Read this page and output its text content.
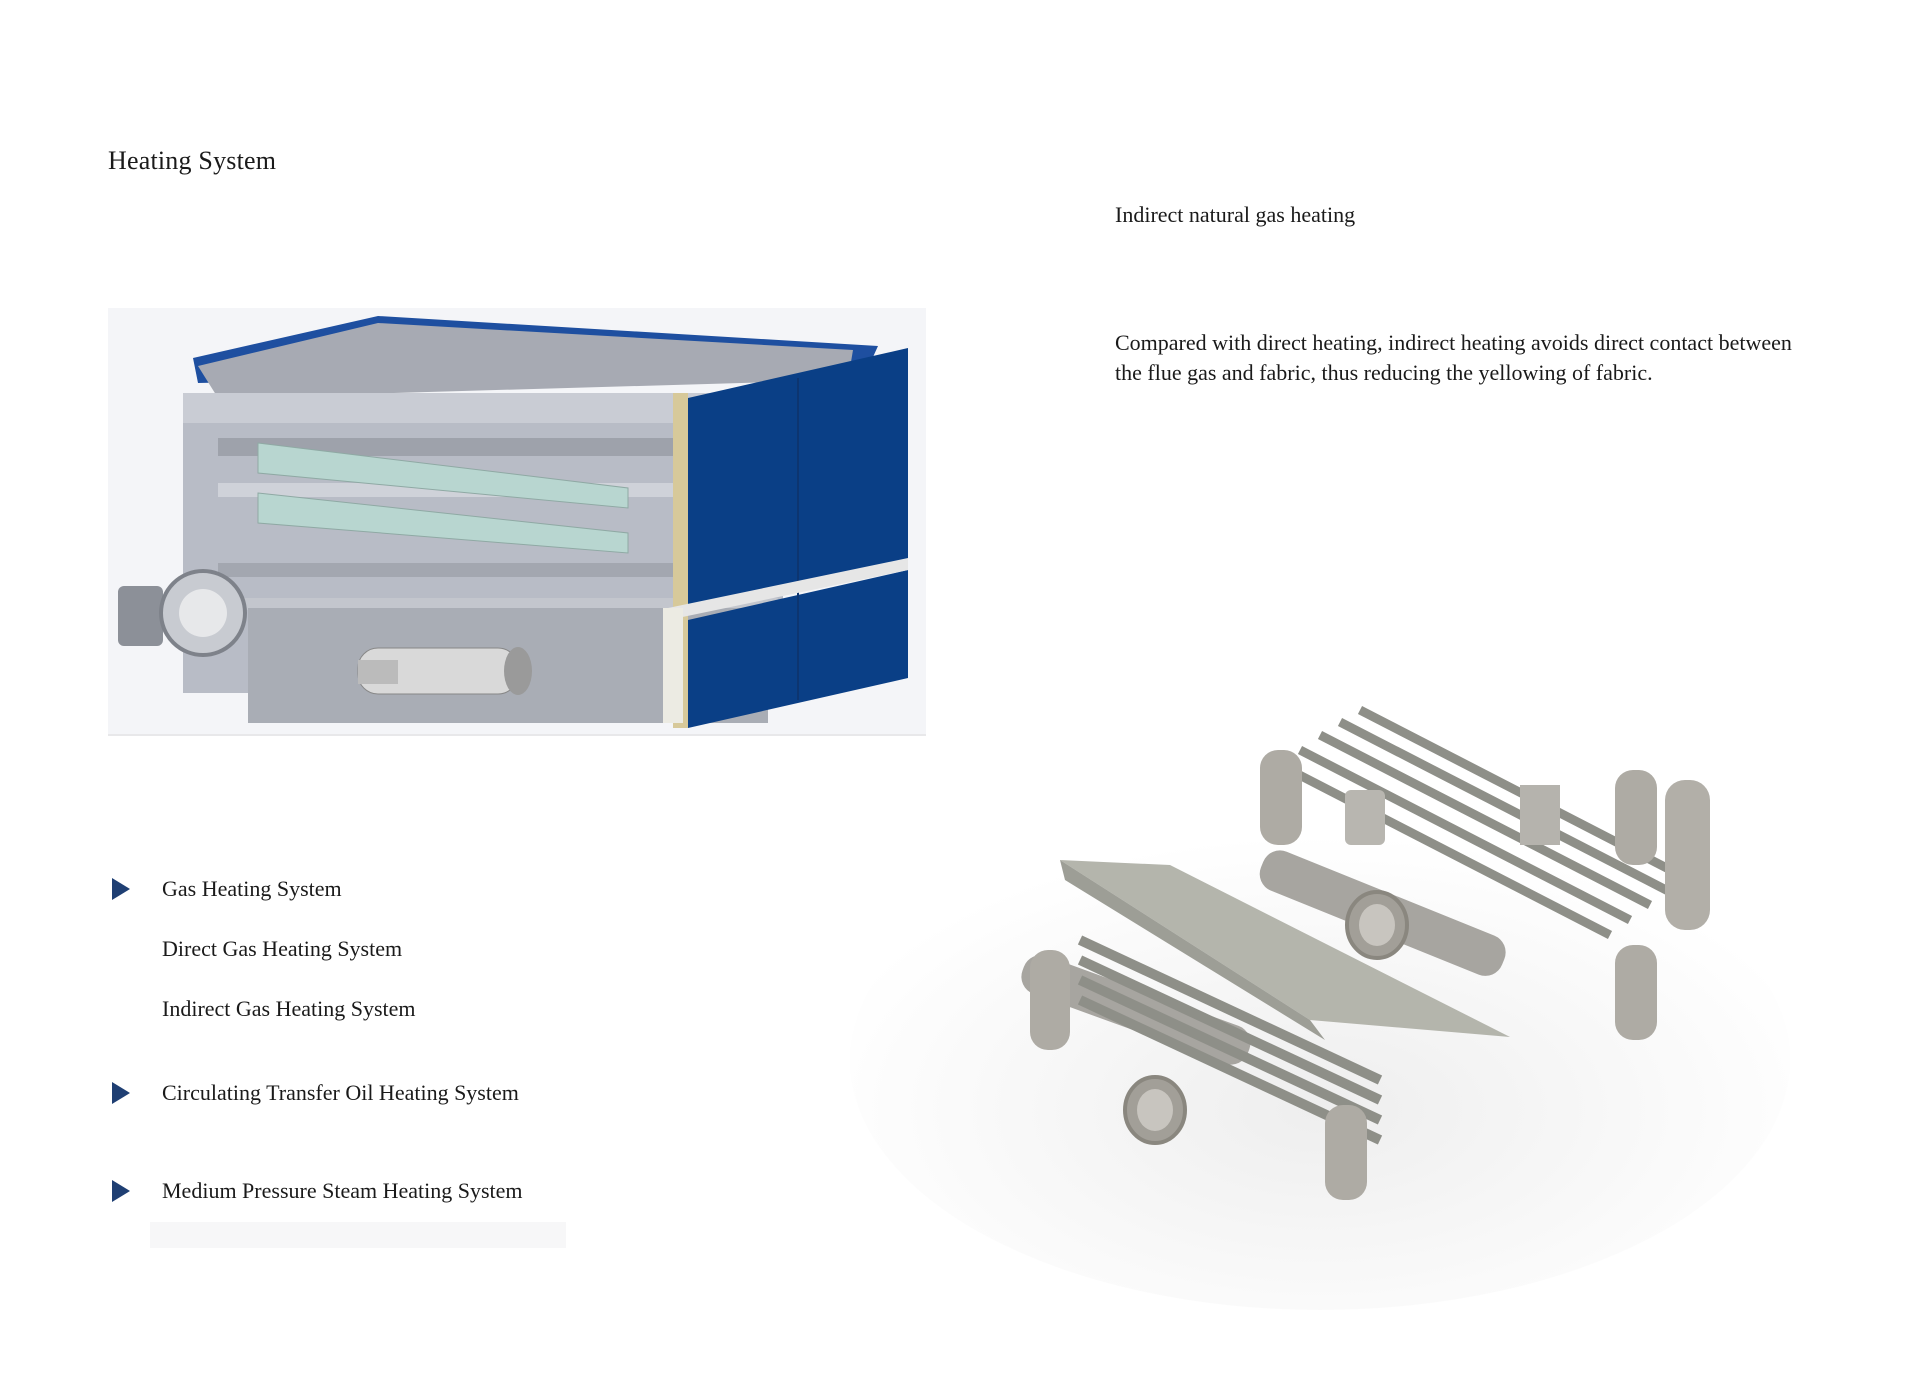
Heating System
Indirect natural gas heating
Compared with direct heating, indirect heating avoids direct contact between the flue gas and fabric, thus reducing the yellowing of fabric.
Gas Heating System
Direct Gas Heating System
Indirect Gas Heating System
Circulating Transfer Oil Heating System
Medium Pressure Steam Heating System
